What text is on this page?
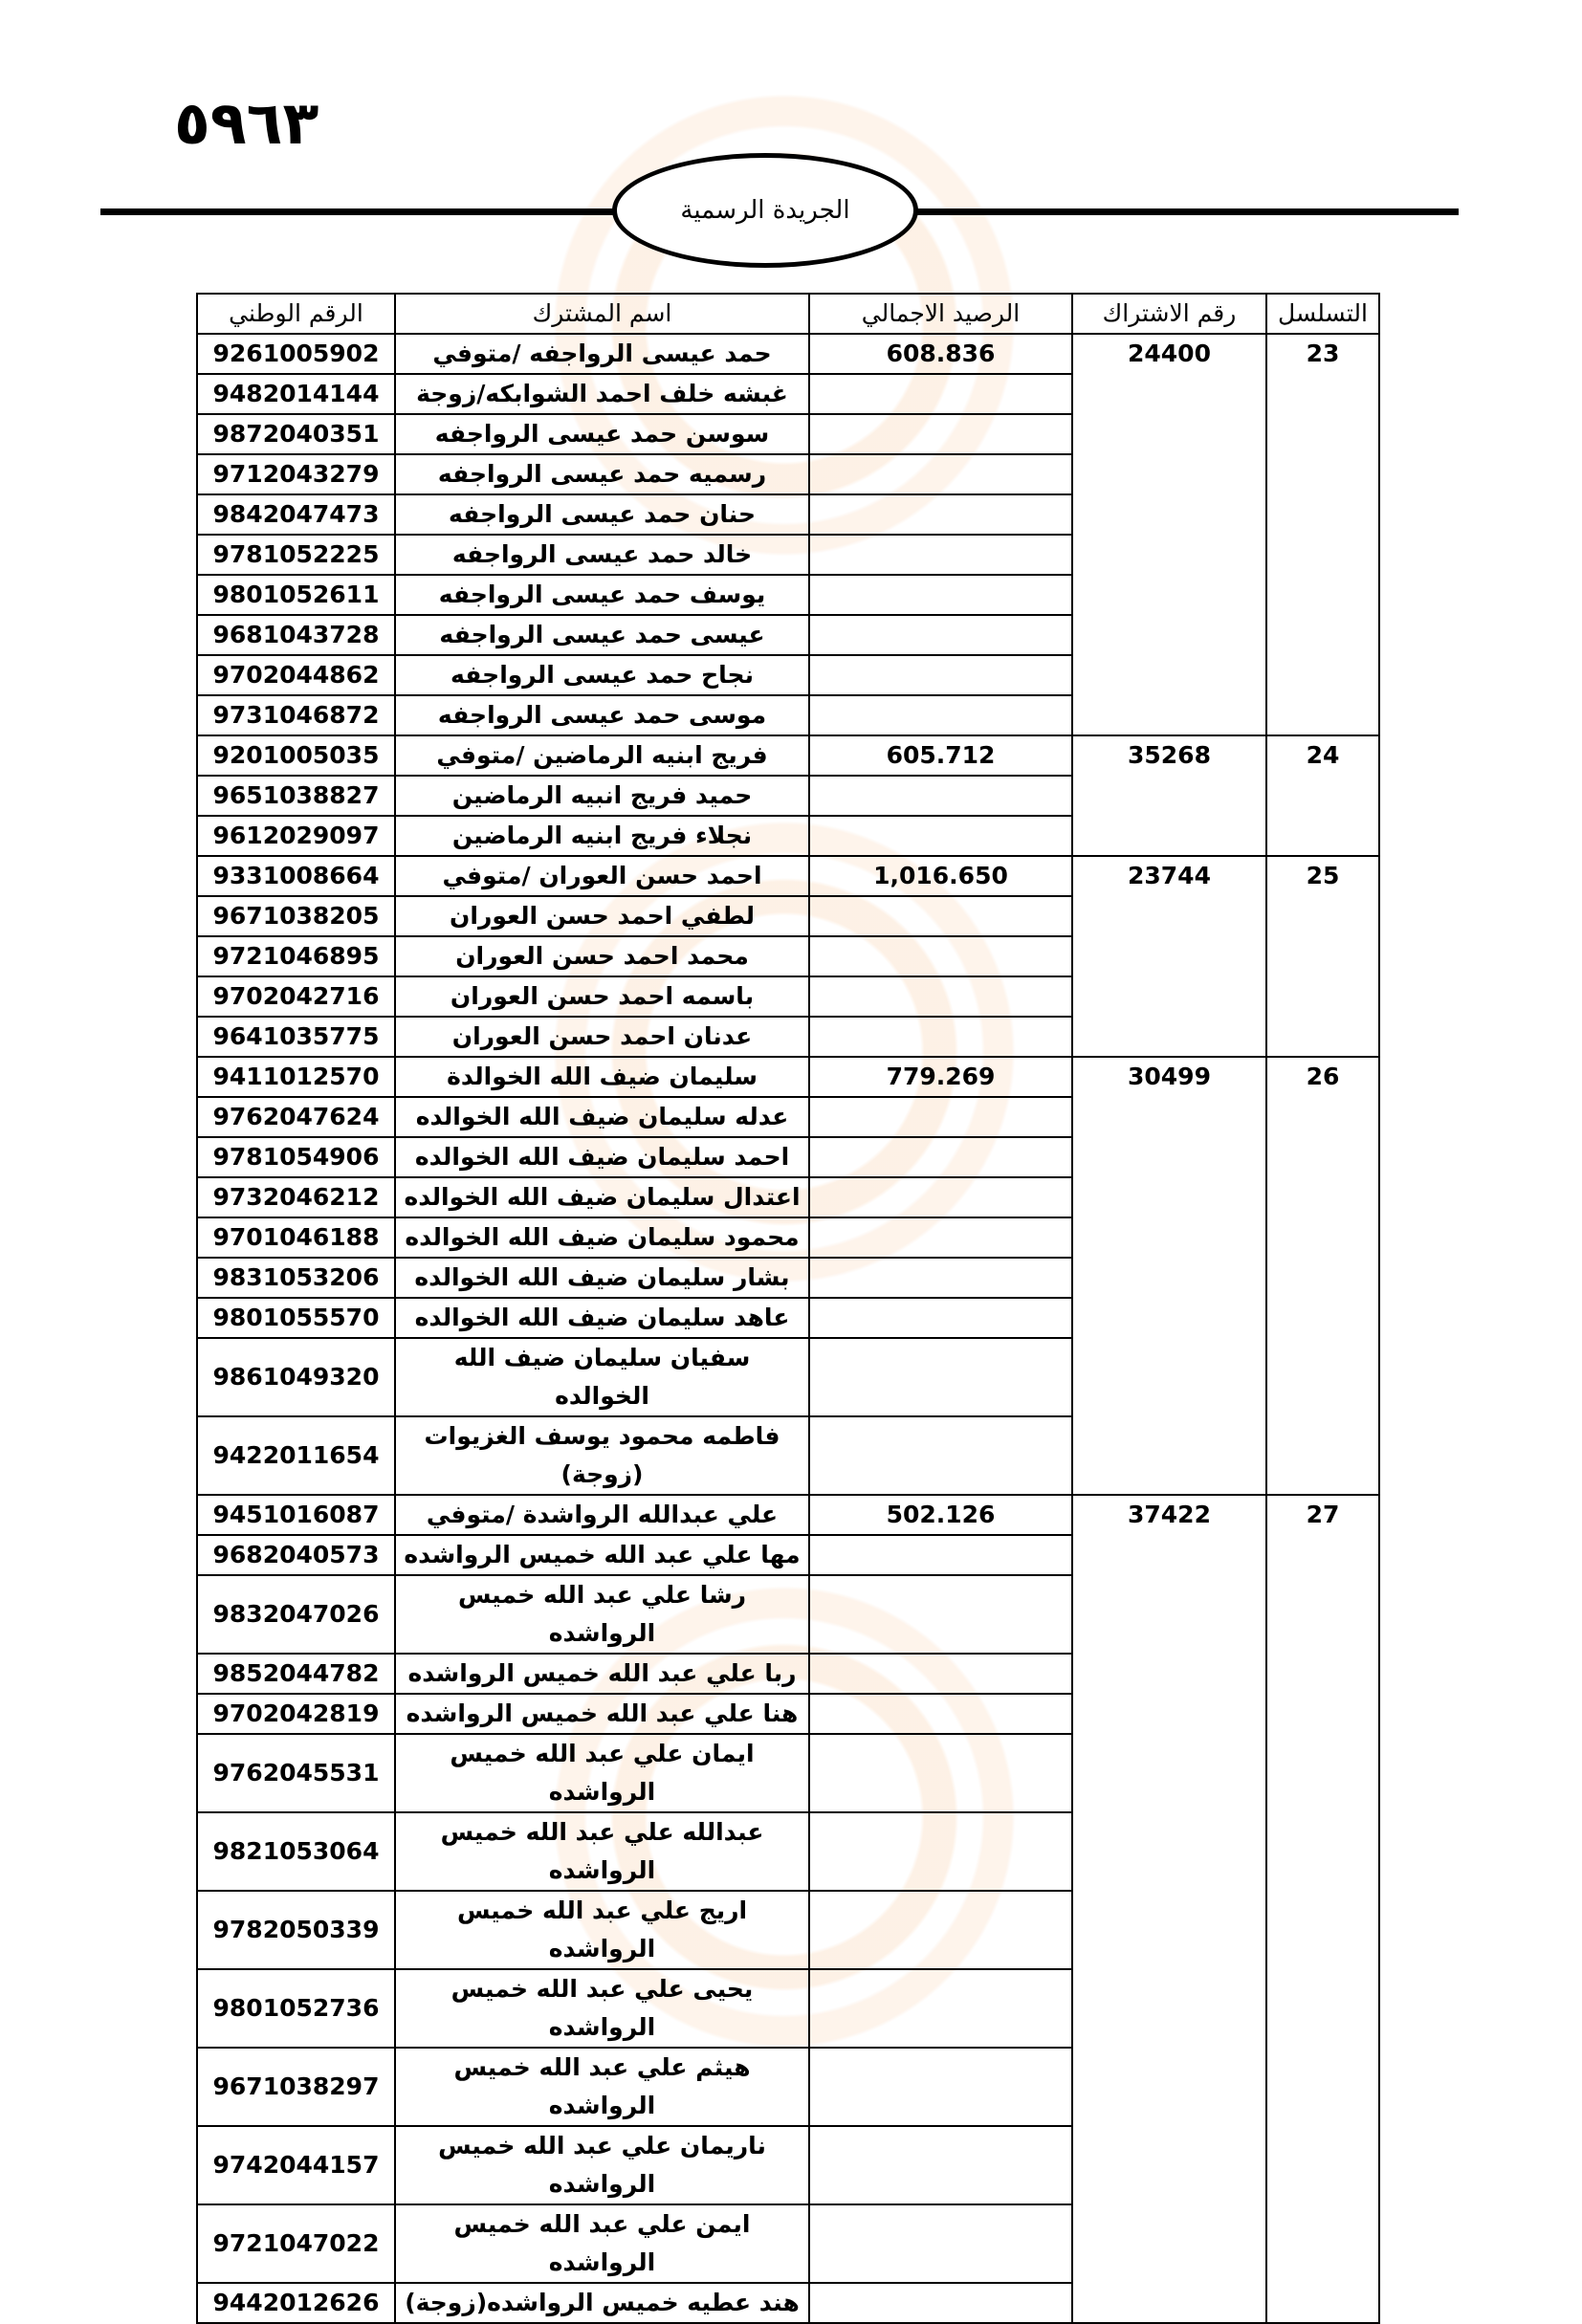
٥٩٦٣
الجريدة الرسمية
التسلسل	رقم الاشتراك	الرصيد الاجمالي	اسم المشترك	الرقم الوطني
23	24400	608.836	حمد عيسى الرواجفه /متوفي	9261005902
			غبشه خلف احمد الشوابكه/زوجة	9482014144
			سوسن حمد عيسى الرواجفه	9872040351
			رسميه حمد عيسى الرواجفه	9712043279
			حنان حمد عيسى الرواجفه	9842047473
			خالد حمد عيسى الرواجفه	9781052225
			يوسف حمد عيسى الرواجفه	9801052611
			عيسى حمد عيسى الرواجفه	9681043728
			نجاح حمد عيسى الرواجفه	9702044862
			موسى حمد عيسى الرواجفه	9731046872
24	35268	605.712	فريج ابنيه الرماضين /متوفي	9201005035
			حميد فريج انبيه الرماضين	9651038827
			نجلاء فريج ابنيه الرماضين	9612029097
25	23744	1,016.650	احمد حسن العوران /متوفي	9331008664
			لطفي احمد حسن العوران	9671038205
			محمد احمد حسن العوران	9721046895
			باسمه احمد حسن العوران	9702042716
			عدنان احمد حسن العوران	9641035775
26	30499	779.269	سليمان ضيف الله الخوالدة	9411012570
			عدله سليمان ضيف الله الخوالده	9762047624
			احمد سليمان ضيف الله الخوالده	9781054906
			اعتدال سليمان ضيف الله الخوالده	9732046212
			محمود سليمان ضيف الله الخوالده	9701046188
			بشار سليمان ضيف الله الخوالده	9831053206
			عاهد سليمان ضيف الله الخوالده	9801055570
			سفيان سليمان ضيف الله الخوالده	9861049320
			فاطمه محمود يوسف الغزيوات (زوجة)	9422011654
27	37422	502.126	علي عبدالله الرواشدة /متوفي	9451016087
			مها علي عبد الله خميس الرواشده	9682040573
			رشا علي عبد الله خميس الرواشده	9832047026
			ربا علي عبد الله خميس الرواشده	9852044782
			هنا علي عبد الله خميس الرواشده	9702042819
			ايمان علي عبد الله خميس الرواشده	9762045531
			عبدالله علي عبد الله خميس الرواشده	9821053064
			اريج علي عبد الله خميس الرواشده	9782050339
			يحيى علي عبد الله خميس الرواشده	9801052736
			هيثم علي عبد الله خميس الرواشده	9671038297
			ناريمان علي عبد الله خميس الرواشده	9742044157
			ايمن علي عبد الله خميس الرواشده	9721047022
			هند عطيه خميس الرواشده(زوجة)	9442012626
